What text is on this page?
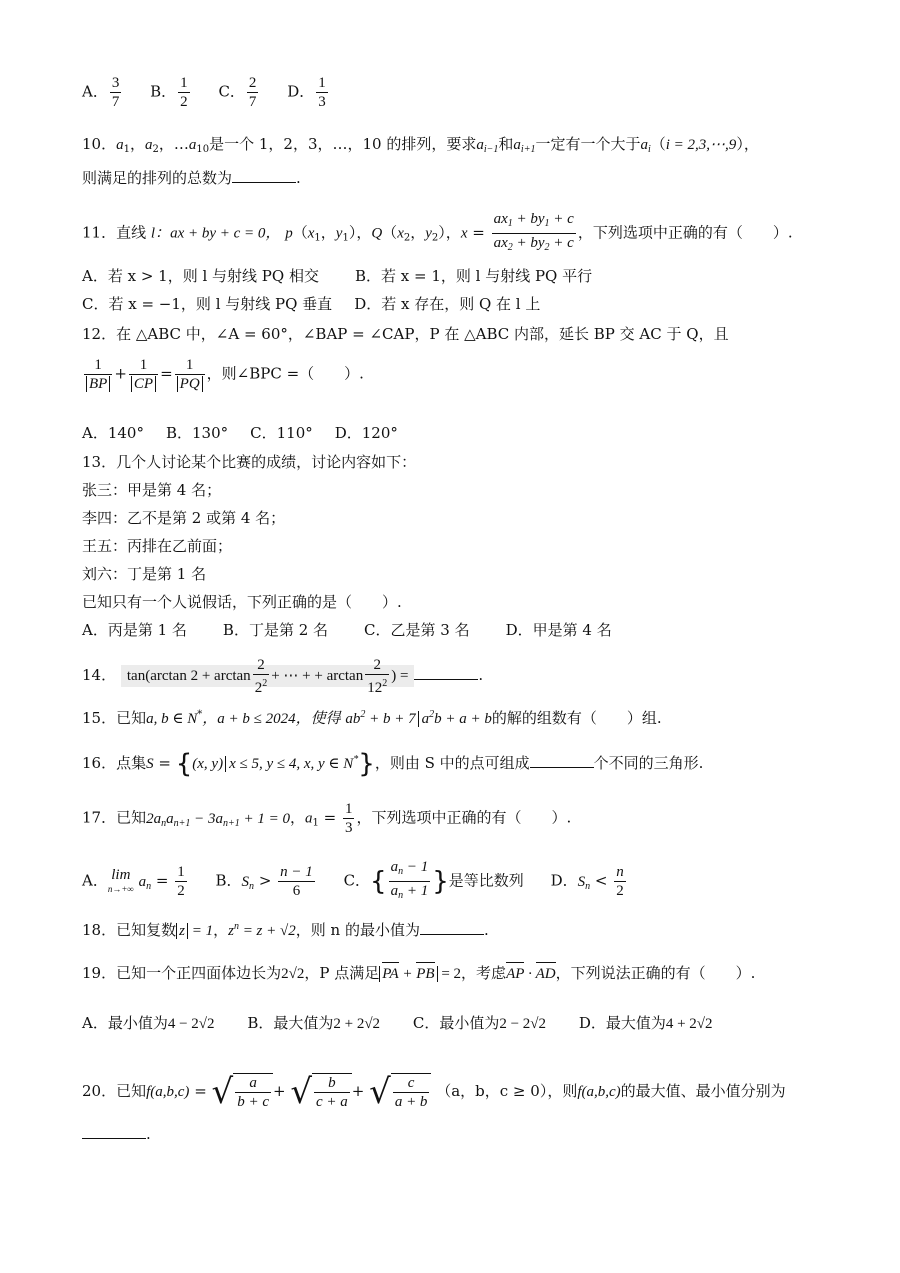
A． $\frac{3}{7}$ B． $\frac{1}{2}$ C． $\frac{2}{7}$ D． $\frac{1}{3}$
10．$a_1$，$a_2$，$\dots a_{10}$是一个 1，2，3，…，10 的排列，要求$a_{i-1}$和$a_{i+1}$一定有一个大于$a_i(i$ = 2,3,⋯,9），
则满足的排列的总数为	.
11．直线 l：ax + by + c = 0， $p(x_1$，$y_1$），$Q(x_2$，$y_2$），$x = \frac{ax_1 + by_1 + c}{ax_2 + by_2 + c}$ ，下列选项中正确的有（　　）.
A．若 x > 1，则 l 与射线 PQ 相交 B．若 x = 1，则 l 与射线 PQ 平行
C．若 x = −1，则 l 与射线 PQ 垂直 D．若 x 存在，则 Q 在 l 上
12．在 △ABC 中，∠A = 60°，∠BAP = ∠CAP，P 在 △ABC 内部，延长 BP 交 AC 于 Q，且
$\frac{1}{BP} + \frac{1}{CP} = \frac{1}{PQ}$ ，则∠BPC =（　　）.
A．140° B．130° C．110° D．120°
13．几个人讨论某个比赛的成绩，讨论内容如下：
张三：甲是第 4 名；
李四：乙不是第 2 或第 4 名；
王五：丙排在乙前面；
刘六：丁是第 1 名
已知只有一个人说假话，下列正确的是（　　）.
A．丙是第 1 名 B．丁是第 2 名 C．乙是第 3 名 D．甲是第 4 名
14． tan(arctan $2 + \arctan \frac{2}{2^2}$ + ⋯ + + $\arctan \frac{2}{12^2}$ ) =	.
15．已知a, b ∈ N*，a + b ≤ 2024，使得 $ab^2 + b + 7$ $a^2b + a + b$的解的组数有（　　）组.
16．点集S = {(x, y) x ≤ 5, y ≤ 4, x, y ∈ N*}，则由 S 中的点可组成	个不同的三角形.
17．已知$2a_na_{n+1} - 3a_{n+1} + 1 = 0$，$a_1 = \frac{1}{3}$ ，下列选项中正确的有（　　）.
A． lim
n→+∞ $a_n = \frac{1}{2}$ B．$S_n > \frac{n - 1}{6}$ C．{ $\frac{a_n - 1}{a_n + 1}$ }是等比数列 D．$S_n < \frac{n}{2}$
18．已知复数 z = 1，$z^n = z + √2$，则 n 的最小值为	.
19．已知一个正四面体边长为2√2，P 点满足 PA + PB = 2，考虑AP · AD，下列说法正确的有（　　）.
A．最小值为4 − 2√2 B．最大值为2 + 2√2 C．最小值为2 − 2√2 D．最大值为4 + 2√2
20．已知f(a,b,c) = √ $\frac{a}{b + c}$ + √ $\frac{b}{c + a}$ + √ $\frac{c}{a + b} (a$，b，c ≥ 0），则f(a,b,c)的最大值、最小值分别为
.
